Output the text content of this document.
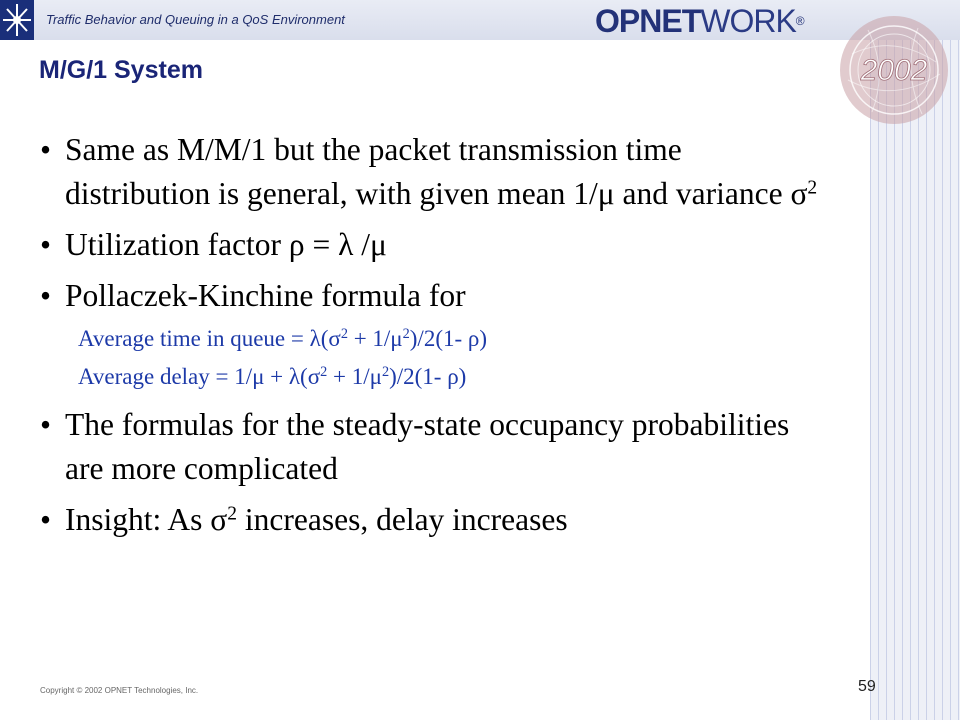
Traffic Behavior and Queuing in a QoS Environment	OPNETWORK®
2002
M/G/1 System
• Same as M/M/1 but the packet transmission time distribution is general, with given mean 1/μ and variance $\sigma^2$
• Utilization factor ρ = λ /μ
• Pollaczek-Kinchine formula for
Average time in queue = $\lambda(\sigma^2 + 1/\mu^2)/2(1-$ ρ)
Average delay = $1/\mu + \lambda(\sigma^2 + 1/\mu^2)/2(1-$ ρ)
• The formulas for the steady-state occupancy probabilities are more complicated
• Insight: As $\sigma^2$ increases, delay increases
Copyright © 2002 OPNET Technologies, Inc.	59
